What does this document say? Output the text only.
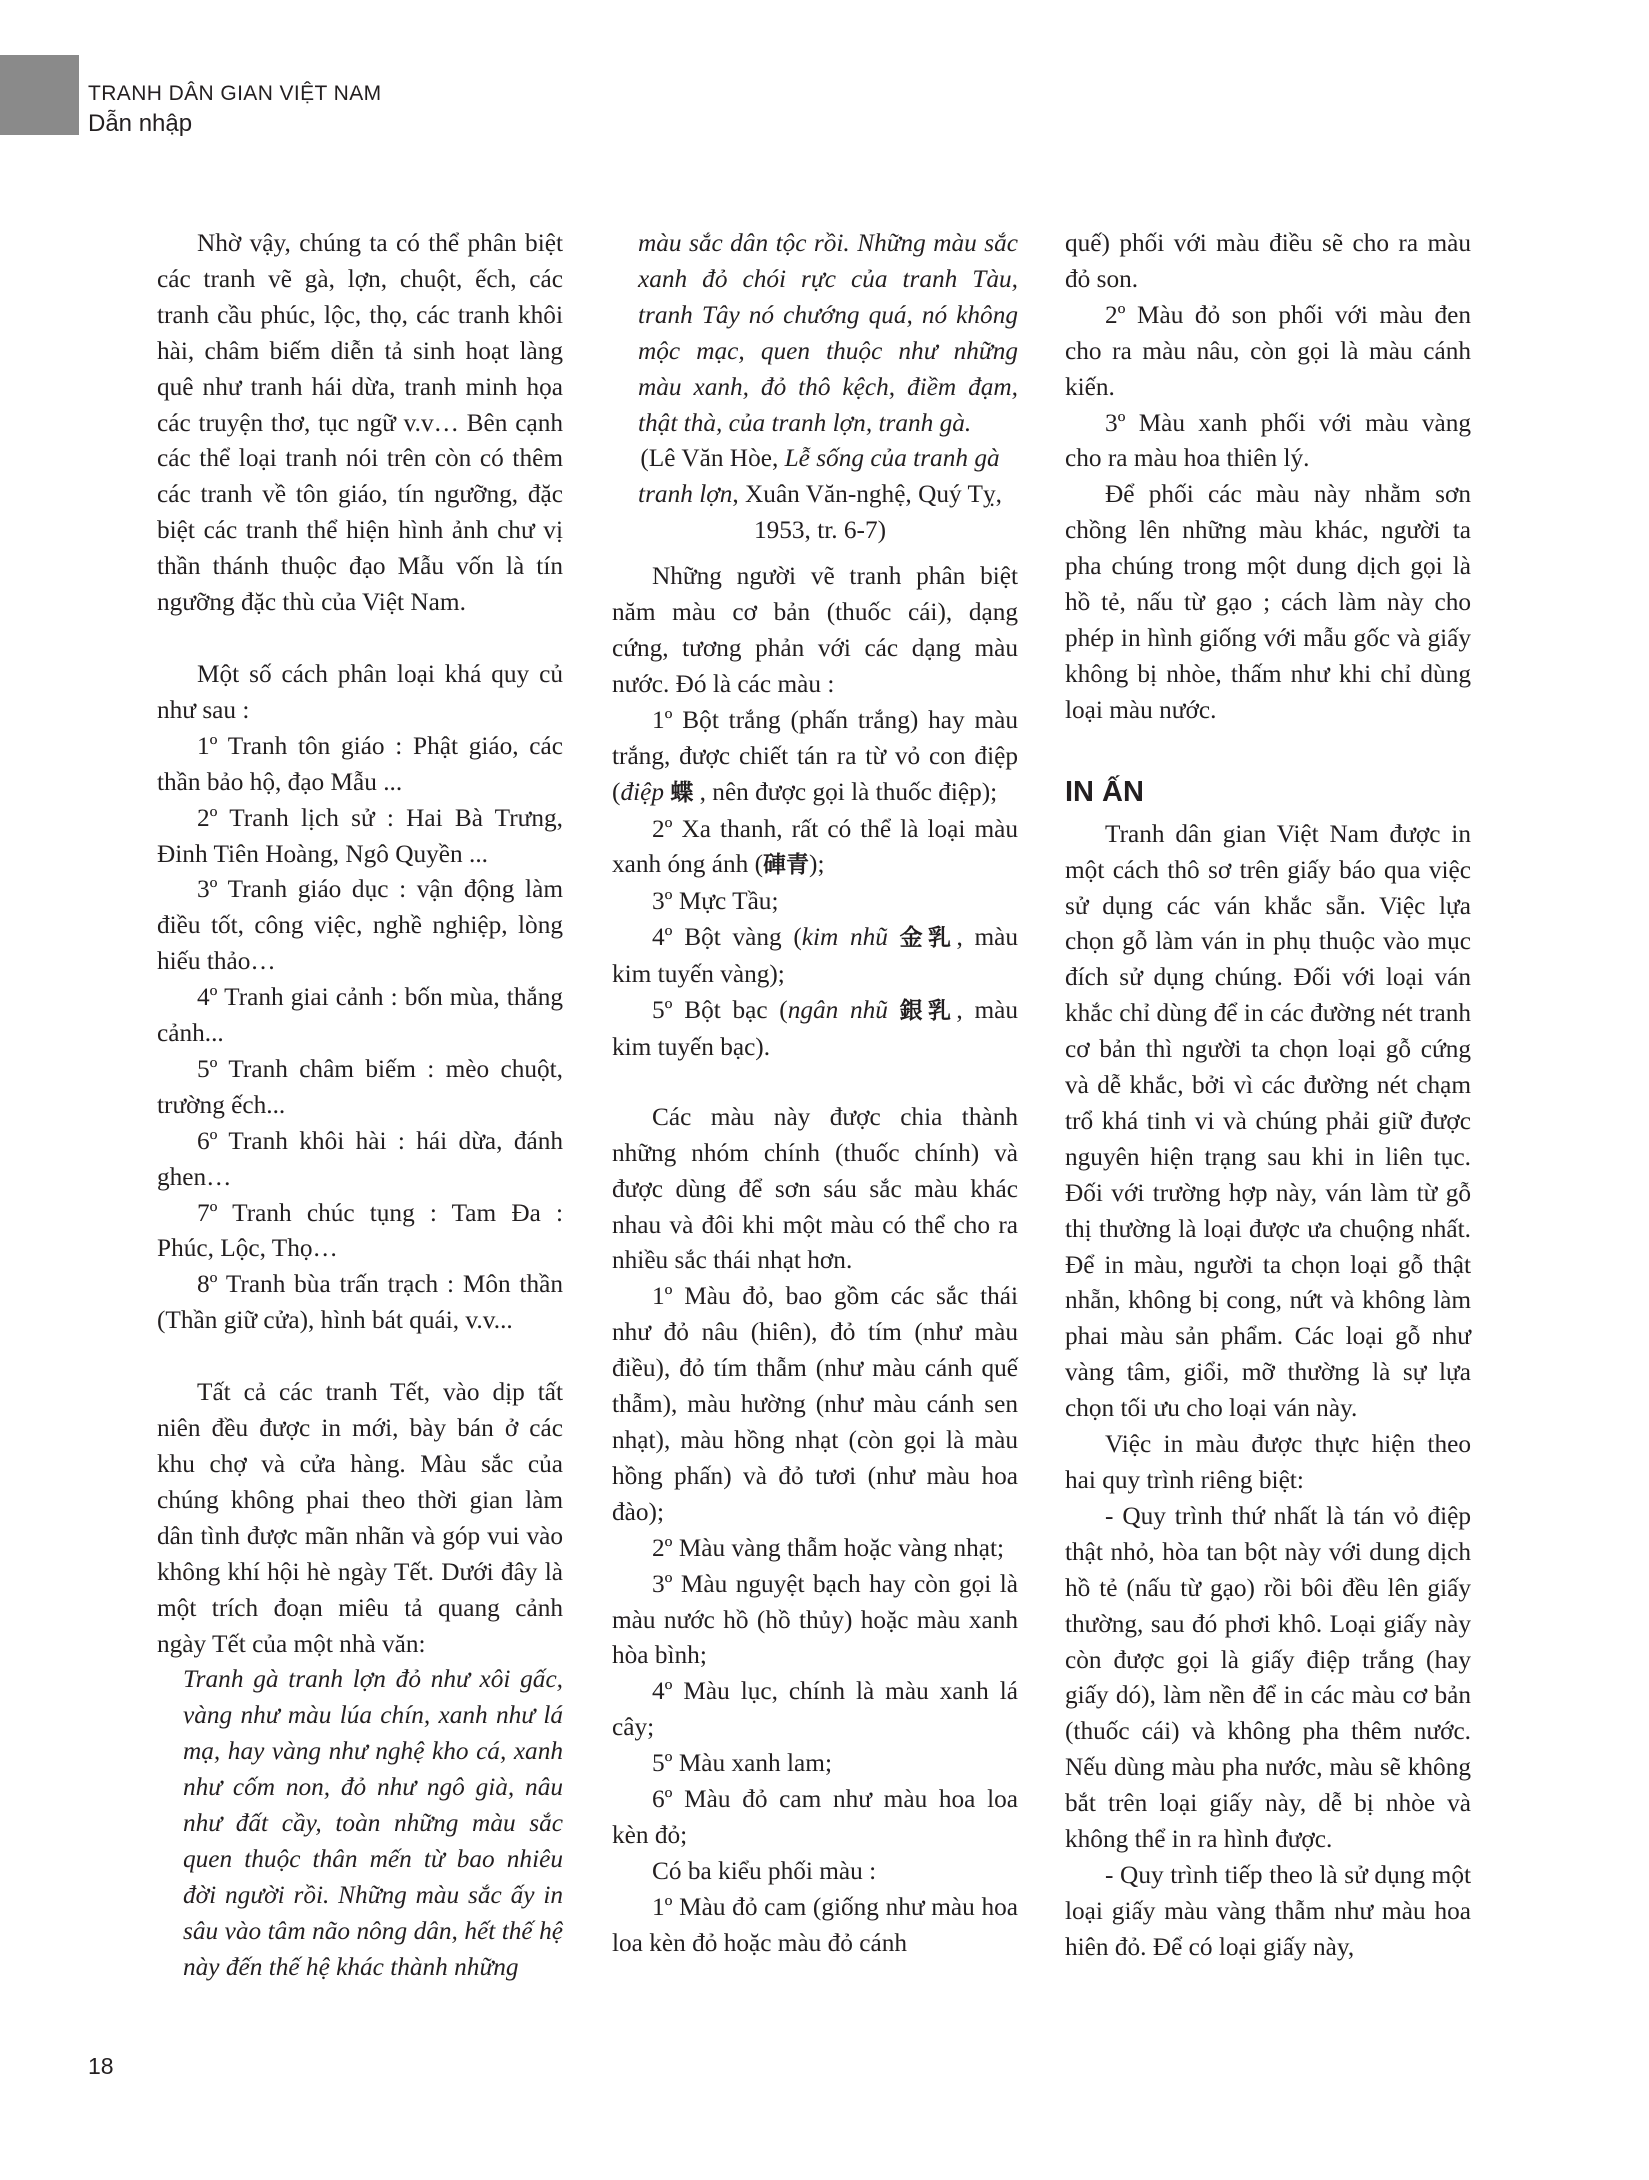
TRANH DÂN GIAN VIỆT NAM
Dẫn nhập

Nhờ vậy, chúng ta có thể phân biệt các tranh vẽ gà, lợn, chuột, ếch, các tranh cầu phúc, lộc, thọ, các tranh khôi hài, châm biếm diễn tả sinh hoạt làng quê như tranh hái dừa, tranh minh họa các truyện thơ, tục ngữ v.v… Bên cạnh các thể loại tranh nói trên còn có thêm các tranh về tôn giáo, tín ngưỡng, đặc biệt các tranh thể hiện hình ảnh chư vị thần thánh thuộc đạo Mẫu vốn là tín ngưỡng đặc thù của Việt Nam.

Một số cách phân loại khá quy củ như sau :

1º Tranh tôn giáo : Phật giáo, các thần bảo hộ, đạo Mẫu ...

2º Tranh lịch sử : Hai Bà Trưng, Đinh Tiên Hoàng, Ngô Quyền ...

3º Tranh giáo dục : vận động làm điều tốt, công việc, nghề nghiệp, lòng hiếu thảo…

4º Tranh giai cảnh : bốn mùa, thắng cảnh...

5º Tranh châm biếm : mèo chuột, trường ếch...

6º Tranh khôi hài : hái dừa, đánh ghen…

7º Tranh chúc tụng : Tam Đa : Phúc, Lộc, Thọ…

8º Tranh bùa trấn trạch : Môn thần (Thần giữ cửa), hình bát quái, v.v...

Tất cả các tranh Tết, vào dịp tất niên đều được in mới, bày bán ở các khu chợ và cửa hàng. Màu sắc của chúng không phai theo thời gian làm dân tình được mãn nhãn và góp vui vào không khí hội hè ngày Tết. Dưới đây là một trích đoạn miêu tả quang cảnh ngày Tết của một nhà văn:

Tranh gà tranh lợn đỏ như xôi gấc, vàng như màu lúa chín, xanh như lá mạ, hay vàng như nghệ kho cá, xanh như cốm non, đỏ như ngô già, nâu như đất cầy, toàn những màu sắc quen thuộc thân mến từ bao nhiêu đời người rồi. Những màu sắc ấy in sâu vào tâm não nông dân, hết thế hệ này đến thế hệ khác thành những

màu sắc dân tộc rồi. Những màu sắc xanh đỏ chói rực của tranh Tàu, tranh Tây nó chướng quá, nó không mộc mạc, quen thuộc như những màu xanh, đỏ thô kệch, điềm đạm, thật thà, của tranh lợn, tranh gà.

(Lê Văn Hòe, Lễ sống của tranh gà tranh lợn, Xuân Văn-nghệ, Quý Tỵ, 1953, tr. 6-7)

Những người vẽ tranh phân biệt năm màu cơ bản (thuốc cái), dạng cứng, tương phản với các dạng màu nước. Đó là các màu :

1º Bột trắng (phấn trắng) hay màu trắng, được chiết tán ra từ vỏ con điệp (điệp 蝶 , nên được gọi là thuốc điệp);

2º Xa thanh, rất có thể là loại màu xanh óng ánh (硨青);

3º Mực Tầu;

4º Bột vàng (kim nhũ 金乳, màu kim tuyến vàng);

5º Bột bạc (ngân nhũ 銀乳, màu kim tuyến bạc).

Các màu này được chia thành những nhóm chính (thuốc chính) và được dùng để sơn sáu sắc màu khác nhau và đôi khi một màu có thể cho ra nhiều sắc thái nhạt hơn.

1º Màu đỏ, bao gồm các sắc thái như đỏ nâu (hiên), đỏ tím (như màu điều), đỏ tím thẫm (như màu cánh quế thẫm), màu hường (như màu cánh sen nhạt), màu hồng nhạt (còn gọi là màu hồng phấn) và đỏ tươi (như màu hoa đào);

2º Màu vàng thẫm hoặc vàng nhạt;

3º Màu nguyệt bạch hay còn gọi là màu nước hồ (hồ thủy) hoặc màu xanh hòa bình;

4º Màu lục, chính là màu xanh lá cây;

5º Màu xanh lam;

6º Màu đỏ cam như màu hoa loa kèn đỏ;

Có ba kiểu phối màu :

1º Màu đỏ cam (giống như màu hoa loa kèn đỏ hoặc màu đỏ cánh

quế) phối với màu điều sẽ cho ra màu đỏ son.

2º Màu đỏ son phối với màu đen cho ra màu nâu, còn gọi là màu cánh kiến.

3º Màu xanh phối với màu vàng cho ra màu hoa thiên lý.

Để phối các màu này nhằm sơn chồng lên những màu khác, người ta pha chúng trong một dung dịch gọi là hồ tẻ, nấu từ gạo ; cách làm này cho phép in hình giống với mẫu gốc và giấy không bị nhòe, thấm như khi chỉ dùng loại màu nước.

IN ẤN

Tranh dân gian Việt Nam được in một cách thô sơ trên giấy báo qua việc sử dụng các ván khắc sẵn. Việc lựa chọn gỗ làm ván in phụ thuộc vào mục đích sử dụng chúng. Đối với loại ván khắc chỉ dùng để in các đường nét tranh cơ bản thì người ta chọn loại gỗ cứng và dễ khắc, bởi vì các đường nét chạm trổ khá tinh vi và chúng phải giữ được nguyên hiện trạng sau khi in liên tục. Đối với trường hợp này, ván làm từ gỗ thị thường là loại được ưa chuộng nhất. Để in màu, người ta chọn loại gỗ thật nhẵn, không bị cong, nứt và không làm phai màu sản phẩm. Các loại gỗ như vàng tâm, giổi, mỡ thường là sự lựa chọn tối ưu cho loại ván này.

Việc in màu được thực hiện theo hai quy trình riêng biệt:

- Quy trình thứ nhất là tán vỏ điệp thật nhỏ, hòa tan bột này với dung dịch hồ tẻ (nấu từ gạo) rồi bôi đều lên giấy thường, sau đó phơi khô. Loại giấy này còn được gọi là giấy điệp trắng (hay giấy dó), làm nền để in các màu cơ bản (thuốc cái) và không pha thêm nước. Nếu dùng màu pha nước, màu sẽ không bắt trên loại giấy này, dễ bị nhòe và không thể in ra hình được.

- Quy trình tiếp theo là sử dụng một loại giấy màu vàng thẫm như màu hoa hiên đỏ. Để có loại giấy này,

18
